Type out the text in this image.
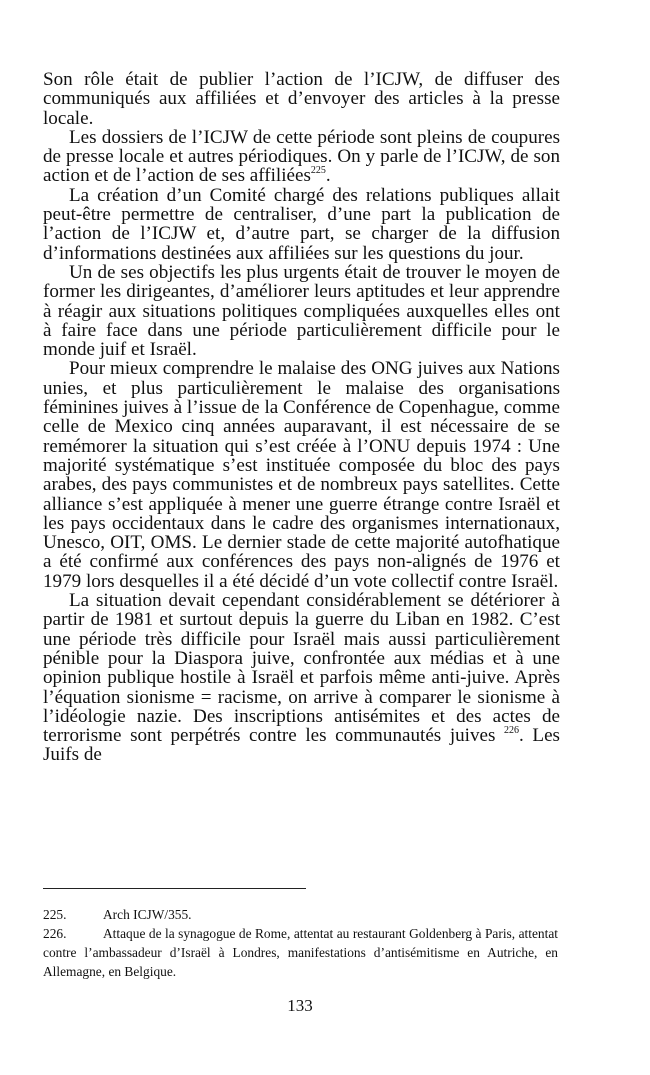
Son rôle était de publier l’action de l’ICJW, de diffuser des communiqués aux affiliées et d’envoyer des articles à la presse locale.

Les dossiers de l’ICJW de cette période sont pleins de coupures de presse locale et autres périodiques. On y parle de l’ICJW, de son action et de l’action de ses affiliées$^{225}$.

La création d’un Comité chargé des relations publiques allait peut-être permettre de centraliser, d’une part la publication de l’action de l’ICJW et, d’autre part, se charger de la diffusion d’informations destinées aux affiliées sur les questions du jour.

Un de ses objectifs les plus urgents était de trouver le moyen de former les dirigeantes, d’améliorer leurs aptitudes et leur apprendre à réagir aux situations politiques compliquées auxquelles elles ont à faire face dans une période particulièrement difficile pour le monde juif et Israël.

Pour mieux comprendre le malaise des ONG juives aux Nations unies, et plus particulièrement le malaise des organisations féminines juives à l’issue de la Conférence de Copenhague, comme celle de Mexico cinq années auparavant, il est nécessaire de se remémorer la situation qui s’est créée à l’ONU depuis 1974 : Une majorité systématique s’est instituée composée du bloc des pays arabes, des pays communistes et de nombreux pays satellites. Cette alliance s’est appliquée à mener une guerre étrange contre Israël et les pays occidentaux dans le cadre des organismes internationaux, Unesco, OIT, OMS. Le dernier stade de cette majorité autofhatique a été confirmé aux conférences des pays non-alignés de 1976 et 1979 lors desquelles il a été décidé d’un vote collectif contre Israël.

La situation devait cependant considérablement se détériorer à partir de 1981 et surtout depuis la guerre du Liban en 1982. C’est une période très difficile pour Israël mais aussi particulièrement pénible pour la Diaspora juive, confrontée aux médias et à une opinion publique hostile à Israël et parfois même anti-juive. Après l’équation sionisme = racisme, on arrive à comparer le sionisme à l’idéologie nazie. Des inscriptions antisémites et des actes de terrorisme sont perpétrés contre les communautés juives $^{226}$. Les Juifs de

225.	Arch ICJW/355.

226.	Attaque de la synagogue de Rome, attentat au restaurant Goldenberg à Paris, attentat contre l’ambassadeur d’Israël à Londres, manifestations d’antisémitisme en Autriche, en Allemagne, en Belgique.

133
